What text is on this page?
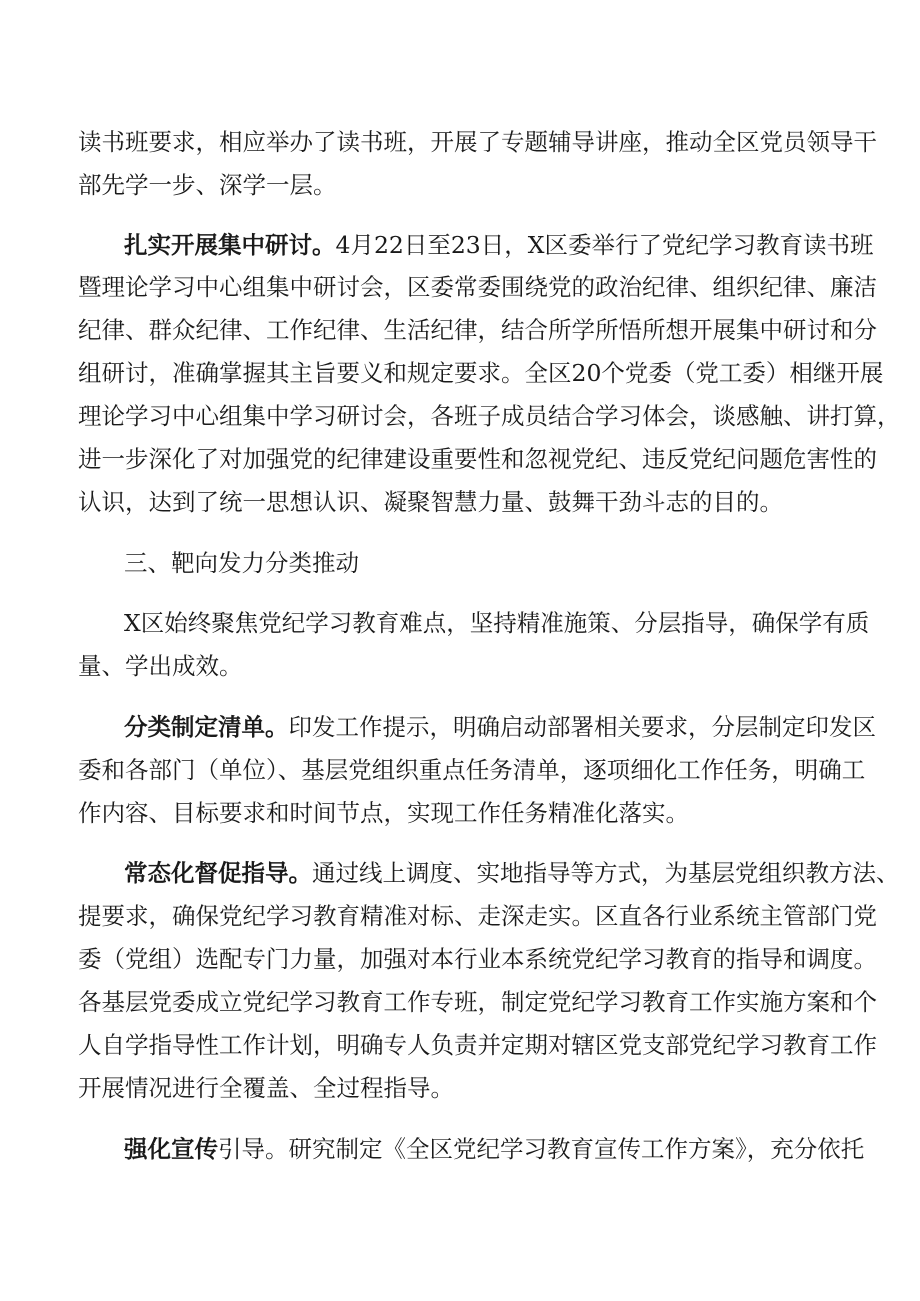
读书班要求，相应举办了读书班，开展了专题辅导讲座，推动全区党员领导干
部先学一步、深学一层。
扎实开展集中研讨。4月22日至23日，X区委举行了党纪学习教育读书班
暨理论学习中心组集中研讨会，区委常委围绕党的政治纪律、组织纪律、廉洁
纪律、群众纪律、工作纪律、生活纪律，结合所学所悟所想开展集中研讨和分
组研讨，准确掌握其主旨要义和规定要求。全区20个党委（党工委）相继开展
理论学习中心组集中学习研讨会，各班子成员结合学习体会，谈感触、讲打算，
进一步深化了对加强党的纪律建设重要性和忽视党纪、违反党纪问题危害性的
认识，达到了统一思想认识、凝聚智慧力量、鼓舞干劲斗志的目的。
三、靶向发力分类推动
X区始终聚焦党纪学习教育难点，坚持精准施策、分层指导，确保学有质
量、学出成效。
分类制定清单。印发工作提示，明确启动部署相关要求，分层制定印发区
委和各部门（单位）、基层党组织重点任务清单，逐项细化工作任务，明确工
作内容、目标要求和时间节点，实现工作任务精准化落实。
常态化督促指导。通过线上调度、实地指导等方式，为基层党组织教方法、
提要求，确保党纪学习教育精准对标、走深走实。区直各行业系统主管部门党
委（党组）选配专门力量，加强对本行业本系统党纪学习教育的指导和调度。
各基层党委成立党纪学习教育工作专班，制定党纪学习教育工作实施方案和个
人自学指导性工作计划，明确专人负责并定期对辖区党支部党纪学习教育工作
开展情况进行全覆盖、全过程指导。
强化宣传引导。研究制定《全区党纪学习教育宣传工作方案》，充分依托
